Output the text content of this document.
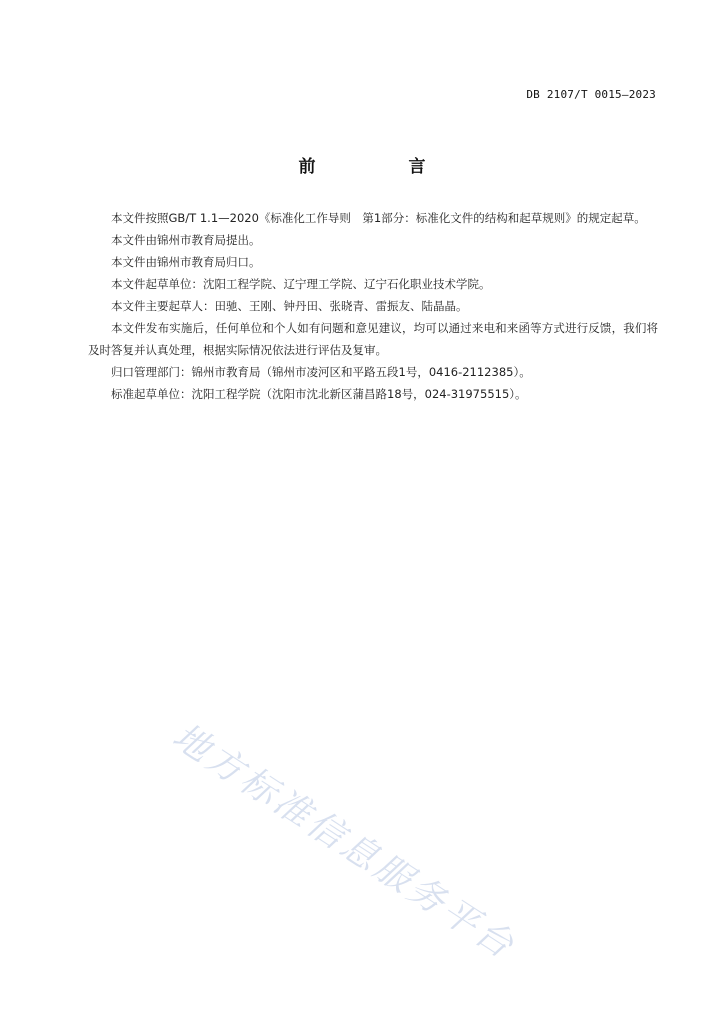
DB 2107/T 0015—2023
前　言

本文件按照GB/T 1.1—2020《标准化工作导则　第1部分：标准化文件的结构和起草规则》的规定起草。

本文件由锦州市教育局提出。

本文件由锦州市教育局归口。

本文件起草单位：沈阳工程学院、辽宁理工学院、辽宁石化职业技术学院。

本文件主要起草人：田驰、王刚、钟丹田、张晓青、雷振友、陆晶晶。

本文件发布实施后，任何单位和个人如有问题和意见建议，均可以通过来电和来函等方式进行反馈，我们将及时答复并认真处理，根据实际情况依法进行评估及复审。

归口管理部门：锦州市教育局（锦州市凌河区和平路五段1号，0416-2112385）。

标准起草单位：沈阳工程学院（沈阳市沈北新区蒲昌路18号，024-31975515）。

地方标准信息服务平台
